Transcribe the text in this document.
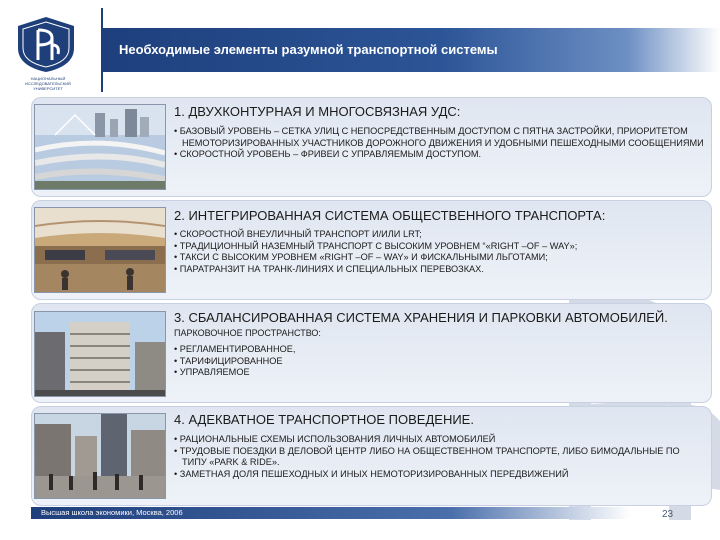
НАЦИОНАЛЬНЫЙ ИССЛЕДОВАТЕЛЬСКИЙ УНИВЕРСИТЕТ
Необходимые элементы разумной транспортной системы
1. ДВУХКОНТУРНАЯ И МНОГОСВЯЗНАЯ УДС:
• БАЗОВЫЙ УРОВЕНЬ – СЕТКА УЛИЦ С НЕПОСРЕДСТВЕННЫМ ДОСТУПОМ С ПЯТНА ЗАСТРОЙКИ, ПРИОРИТЕТОМ НЕМОТОРИЗИРОВАННЫХ УЧАСТНИКОВ ДОРОЖНОГО ДВИЖЕНИЯ И УДОБНЫМИ ПЕШЕХОДНЫМИ СООБЩЕНИЯМИ
• СКОРОСТНОЙ УРОВЕНЬ – ФРИВЕИ С УПРАВЛЯЕМЫМ ДОСТУПОМ.
2. ИНТЕГРИРОВАННАЯ СИСТЕМА ОБЩЕСТВЕННОГО ТРАНСПОРТА:
• СКОРОСТНОЙ ВНЕУЛИЧНЫЙ ТРАНСПОРТ И/ИЛИ LRT;
• ТРАДИЦИОННЫЙ НАЗЕМНЫЙ ТРАНСПОРТ С ВЫСОКИМ УРОВНЕМ “«RIGHT –OF – WAY»;
• ТАКСИ С ВЫСОКИМ УРОВНЕМ «RIGHT –OF – WAY» И ФИСКАЛЬНЫМИ ЛЬГОТАМИ;
• ПАРАТРАНЗИТ НА ТРАНК-ЛИНИЯХ И СПЕЦИАЛЬНЫХ ПЕРЕВОЗКАХ.
3. СБАЛАНСИРОВАННАЯ СИСТЕМА ХРАНЕНИЯ И ПАРКОВКИ АВТОМОБИЛЕЙ.
ПАРКОВОЧНОЕ ПРОСТРАНСТВО:
• РЕГЛАМЕНТИРОВАННОЕ,
• ТАРИФИЦИРОВАННОЕ
• УПРАВЛЯЕМОЕ
4. АДЕКВАТНОЕ ТРАНСПОРТНОЕ ПОВЕДЕНИЕ.
• РАЦИОНАЛЬНЫЕ СХЕМЫ ИСПОЛЬЗОВАНИЯ ЛИЧНЫХ АВТОМОБИЛЕЙ
• ТРУДОВЫЕ ПОЕЗДКИ В ДЕЛОВОЙ ЦЕНТР ЛИБО НА ОБЩЕСТВЕННОМ ТРАНСПОРТЕ, ЛИБО БИМОДАЛЬНЫЕ ПО ТИПУ «PARK & RIDE».
• ЗАМЕТНАЯ ДОЛЯ ПЕШЕХОДНЫХ И ИНЫХ НЕМОТОРИЗИРОВАННЫХ ПЕРЕДВИЖЕНИЙ
Высшая школа экономики, Москва, 2006	23
